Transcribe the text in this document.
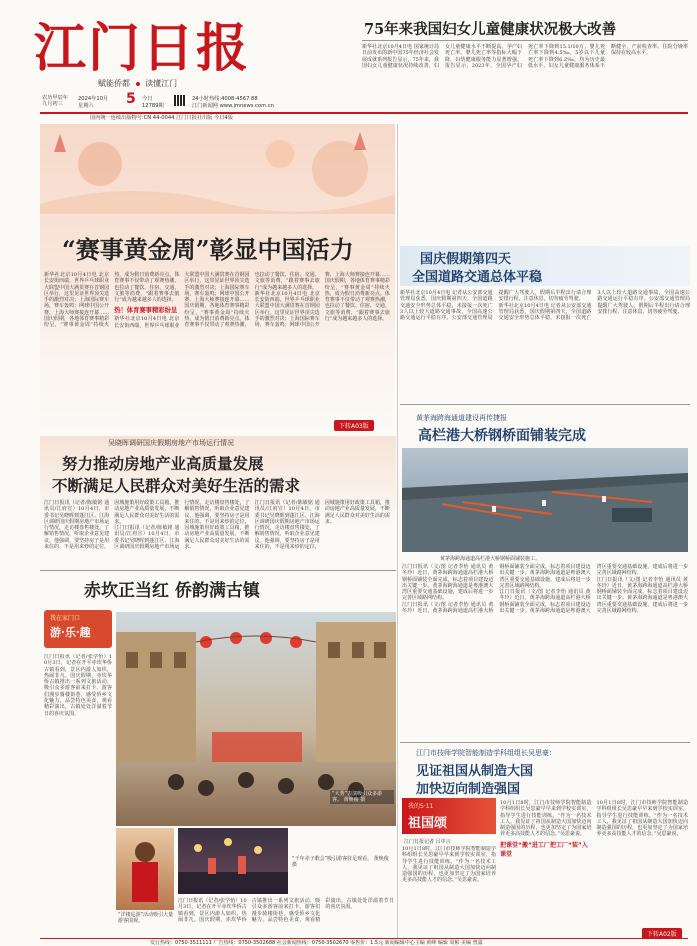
江门日报
赋能侨都 读懂江门
75年来我国妇女儿童健康状况极大改善
新华社北京10月4日电 国家统计局日前发布的新中国75年经济社会发展成就系列报告显示，75年来，我国妇女儿童健康状况持续改善，妇女儿童健康水平不断提高。孕产妇死亡率、婴儿死亡率等指标大幅下降，妇幼健康服务能力显著增强。报告显示，2023年，全国孕产妇死亡率下降到15.1/10万，婴儿死亡率下降到4.5‰，5岁以下儿童死亡率下降到6.2‰，均为历史最低水平。妇女儿童健康服务体系不断健全，产前检查率、住院分娩率保持在较高水平。
农历甲辰年 九月初三
2024年10月
星期六 5 今日
12789期
24小时热线:4008-4567 88
江门新闻网 www.jmnews.com.cn
国内统一连续出版物号:CN 44-0044 江门日报社出版 今日4版
“赛事黄金周”彰显中国活力
新华社北京10月4日电 北京长安街西端，世界乒乓球职业大联盟中国大满贯赛在首钢园区举行，这里见证世界顶尖选手的激烈对决；上海国际赛车场，赛车轰鸣；网球中国公开赛、上海大师赛接连开幕……国庆假期，各地体育赛事精彩纷呈，“赛事黄金周”持续火热，成为假日消费新亮点。体育赛事不仅带动了观赛热潮，也拉动了餐饮、住宿、交通、文旅等消费，“跟着赛事去旅行”成为越来越多人的选择。
热！体育赛事精彩纷呈
新华社北京10月4日电 北京长安街西端，世界乒乓球职业大联盟中国大满贯赛在首钢园区举行，这里见证世界顶尖选手的激烈对决；上海国际赛车场，赛车轰鸣；网球中国公开赛、上海大师赛接连开幕……国庆假期，各地体育赛事精彩纷呈，“赛事黄金周”持续火热，成为假日消费新亮点。体育赛事不仅带动了观赛热潮，也拉动了餐饮、住宿、交通、文旅等消费，“跟着赛事去旅行”成为越来越多人的选择。
新华社北京10月4日电 北京长安街西端，世界乒乓球职业大联盟中国大满贯赛在首钢园区举行，这里见证世界顶尖选手的激烈对决；上海国际赛车场，赛车轰鸣；网球中国公开赛、上海大师赛接连开幕……国庆假期，各地体育赛事精彩纷呈，“赛事黄金周”持续火热，成为假日消费新亮点。体育赛事不仅带动了观赛热潮，也拉动了餐饮、住宿、交通、文旅等消费，“跟着赛事去旅行”成为越来越多人的选择。
下转A03版
国庆假期第四天
全国道路交通总体平稳
新华社北京10月4日电 记者从公安部交通管理局获悉，国庆假期第四天，全国道路交通安全形势总体平稳，未接报一次死亡3人以上较大道路交通事故，全国高速公路交通运行平稳有序。公安部交通管理局提醒广大驾驶人，假期后半程出行请合理安排行程，注意休息，切勿疲劳驾驶。
新华社北京10月4日电 记者从公安部交通管理局获悉，国庆假期第四天，全国道路交通安全形势总体平稳，未接报一次死亡3人以上较大道路交通事故，全国高速公路交通运行平稳有序。公安部交通管理局提醒广大驾驶人，假期后半程出行请合理安排行程，注意休息，切勿疲劳驾驶。
黄茅海跨海通道建设再传捷报
高栏港大桥钢桥面铺装完成
黄茅海跨海通道高栏港大桥钢桥面铺装施工。
江门日报讯（文/图 记者李怡 通讯员 黄冬玲）近日，黄茅海跨海通道高栏港大桥钢桥面铺装全面完成，标志着项目建设迈出关键一步。黄茅海跨海通道是粤港澳大湾区重要交通基础设施，建成后将进一步完善区域路网结构。
江门日报讯（文/图 记者李怡 通讯员 黄冬玲）近日，黄茅海跨海通道高栏港大桥钢桥面铺装全面完成，标志着项目建设迈出关键一步。黄茅海跨海通道是粤港澳大湾区重要交通基础设施，建成后将进一步完善区域路网结构。
江门日报讯（文/图 记者李怡 通讯员 黄冬玲）近日，黄茅海跨海通道高栏港大桥钢桥面铺装全面完成，标志着项目建设迈出关键一步。黄茅海跨海通道是粤港澳大湾区重要交通基础设施，建成后将进一步完善区域路网结构。
江门日报讯（文/图 记者李怡 通讯员 黄冬玲）近日，黄茅海跨海通道高栏港大桥钢桥面铺装全面完成，标志着项目建设迈出关键一步。黄茅海跨海通道是粤港澳大湾区重要交通基础设施，建成后将进一步完善区域路网结构。
吴晓晖调研国庆假期房地产市场运行情况
努力推动房地产业高质量发展
不断满足人民群众对美好生活的需求
江门日报讯（记者/陈敏铭 通讯员/江府宣）10月4日，市委书记吴晓晖到蓬江区、江海区调研国庆假期房地产市场运行情况，走访楼盘售楼处，了解销售情况，听取企业意见建议。他强调，要坚持房子是用来住的、不是用来炒的定位，因城施策用好政策工具箱，推动房地产业高质量发展，不断满足人民群众对美好生活的需求。
江门日报讯（记者/陈敏铭 通讯员/江府宣）10月4日，市委书记吴晓晖到蓬江区、江海区调研国庆假期房地产市场运行情况，走访楼盘售楼处，了解销售情况，听取企业意见建议。他强调，要坚持房子是用来住的、不是用来炒的定位，因城施策用好政策工具箱，推动房地产业高质量发展，不断满足人民群众对美好生活的需求。
江门日报讯（记者/陈敏铭 通讯员/江府宣）10月4日，市委书记吴晓晖到蓬江区、江海区调研国庆假期房地产市场运行情况，走访楼盘售楼处，了解销售情况，听取企业意见建议。他强调，要坚持房子是用来住的、不是用来炒的定位，因城施策用好政策工具箱，推动房地产业高质量发展，不断满足人民群众对美好生活的需求。
赤坎正当红 侨韵满古镇
我在家门口
游·乐·趣
江门日报讯（记者/张学怡）10月3日，记者在开平赤坎华侨古镇看到，景区内游人如织，热闹非凡。国庆假期，赤坎华侨古镇推出一系列文旅活动，吸引众多游客前来打卡。游客们漫步骑楼街巷，感受侨乡文化魅力，品尝特色美食，观看精彩演出，古镇处处洋溢着节日的喜庆氛围。
“大秀”表演吸引众多游客。 黄焕俊 摄
“洋楼巡游”活动吸引大量游客围观。
“千年赤子歌会”吸引游客驻足观看。 黄焕俊 摄
江门日报讯（记者/张学怡）10月3日，记者在开平赤坎华侨古镇看到，景区内游人如织，热闹非凡。国庆假期，赤坎华侨古镇推出一系列文旅活动，吸引众多游客前来打卡。游客们漫步骑楼街巷，感受侨乡文化魅力，品尝特色美食，观看精彩演出，古镇处处洋溢着节日的喜庆氛围。
江门市技师学院智能制造学科组组长吴思豪：
见证祖国从制造大国
加快迈向制造强国
我的5·11
祖国颂
江门日报记者 吕中言
10月1日8时，江门市技师学院智能制造学科组组长吴思豪早早来到学校实训室，指导学生进行技能训练。“作为一名技术工人，我见证了祖国从制造大国加快迈向制造强国的历程，也更加坚定了为国家培养更多高技能人才的信念。”吴思豪说。
10月1日8时，江门市技师学院智能制造学科组组长吴思豪早早来到学校实训室，指导学生进行技能训练。“作为一名技术工人，我见证了祖国从制造大国加快迈向制造强国的历程，也更加坚定了为国家培养更多高技能人才的信念。”吴思豪说。
把课堂“搬”进工厂把工厂“装”入课堂
10月1日8时，江门市技师学院智能制造学科组组长吴思豪早早来到学校实训室，指导学生进行技能训练。“作为一名技术工人，我见证了祖国从制造大国加快迈向制造强国的历程，也更加坚定了为国家培养更多高技能人才的信念。”吴思豪说。
下转A02版
发行热线：0750-3511111 广告热线：0750-3502688 社会新闻热线：0750-3502670 零售价：1.5元 新闻编辑中心主编 黄峰 编辑 周彬 美编 曾露
